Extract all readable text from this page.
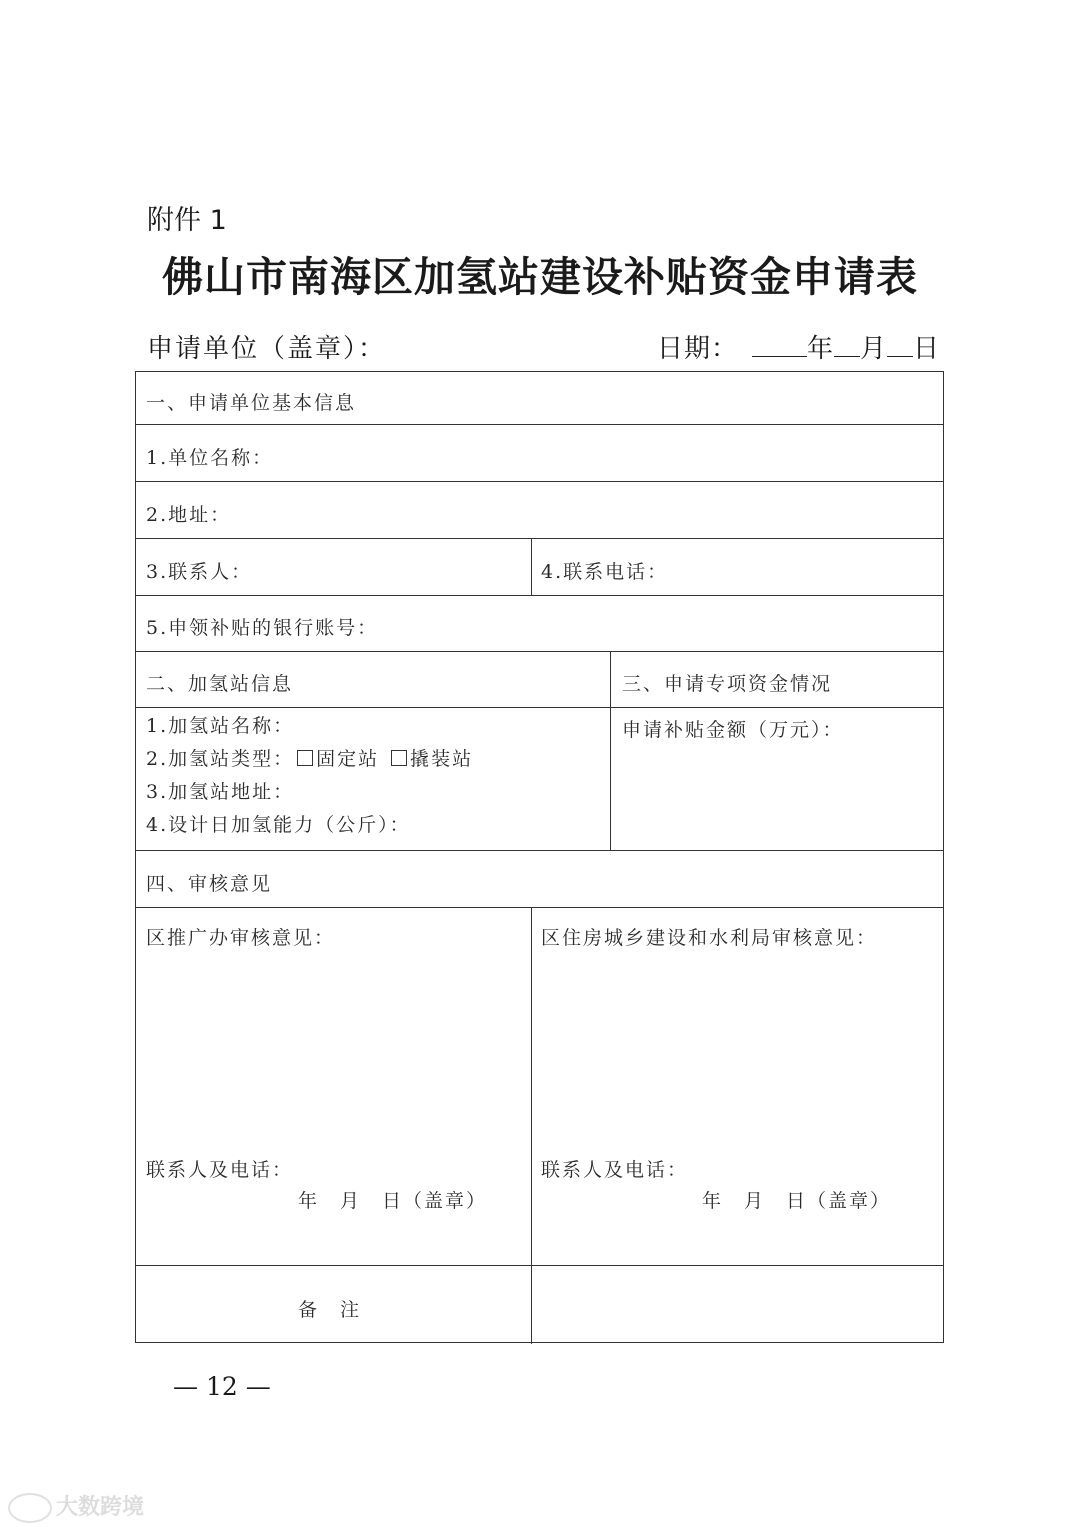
附件 1
佛山市南海区加氢站建设补贴资金申请表
申请单位（盖章）：	日期：	年 月 日
一、申请单位基本信息
1.单位名称：
2.地址：
3.联系人：	4.联系电话：
5.申领补贴的银行账号：
二、加氢站信息	三、申请专项资金情况
1.加氢站名称：
2.加氢站类型： 固定站 撬装站
3.加氢站地址：
4.设计日加氢能力（公斤）：
申请补贴金额（万元）：
四、审核意见
区推广办审核意见：	区住房城乡建设和水利局审核意见：
联系人及电话：	联系人及电话：
年　月　日（盖章）	年　月　日（盖章）
备　注
— 12 —
大数跨境
